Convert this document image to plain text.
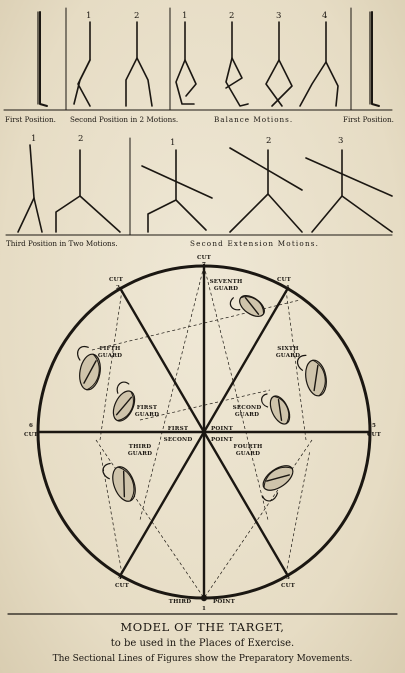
1	2	1	2	3	4
First Position. Second Position in 2 Motions.	Balance Motions.	First Position.
1	2	1	2	3
Third Position in Two Motions.	Second Extension Motions.
CUT
7
CUT
2
CUT
1
6
CUT
5
CUT
4
CUT
3
CUT
SEVENTH
GUARD
FIFTH
GUARD
SIXTH
GUARD
FIRST
GUARD
SECOND
GUARD
THIRD
GUARD
FOURTH
GUARD
FIRST	POINT
SECOND	POINT
THIRD	POINT
1
MODEL OF THE TARGET,
to be used in the Places of Exercise.
The Sectional Lines of Figures show the Preparatory Movements.
